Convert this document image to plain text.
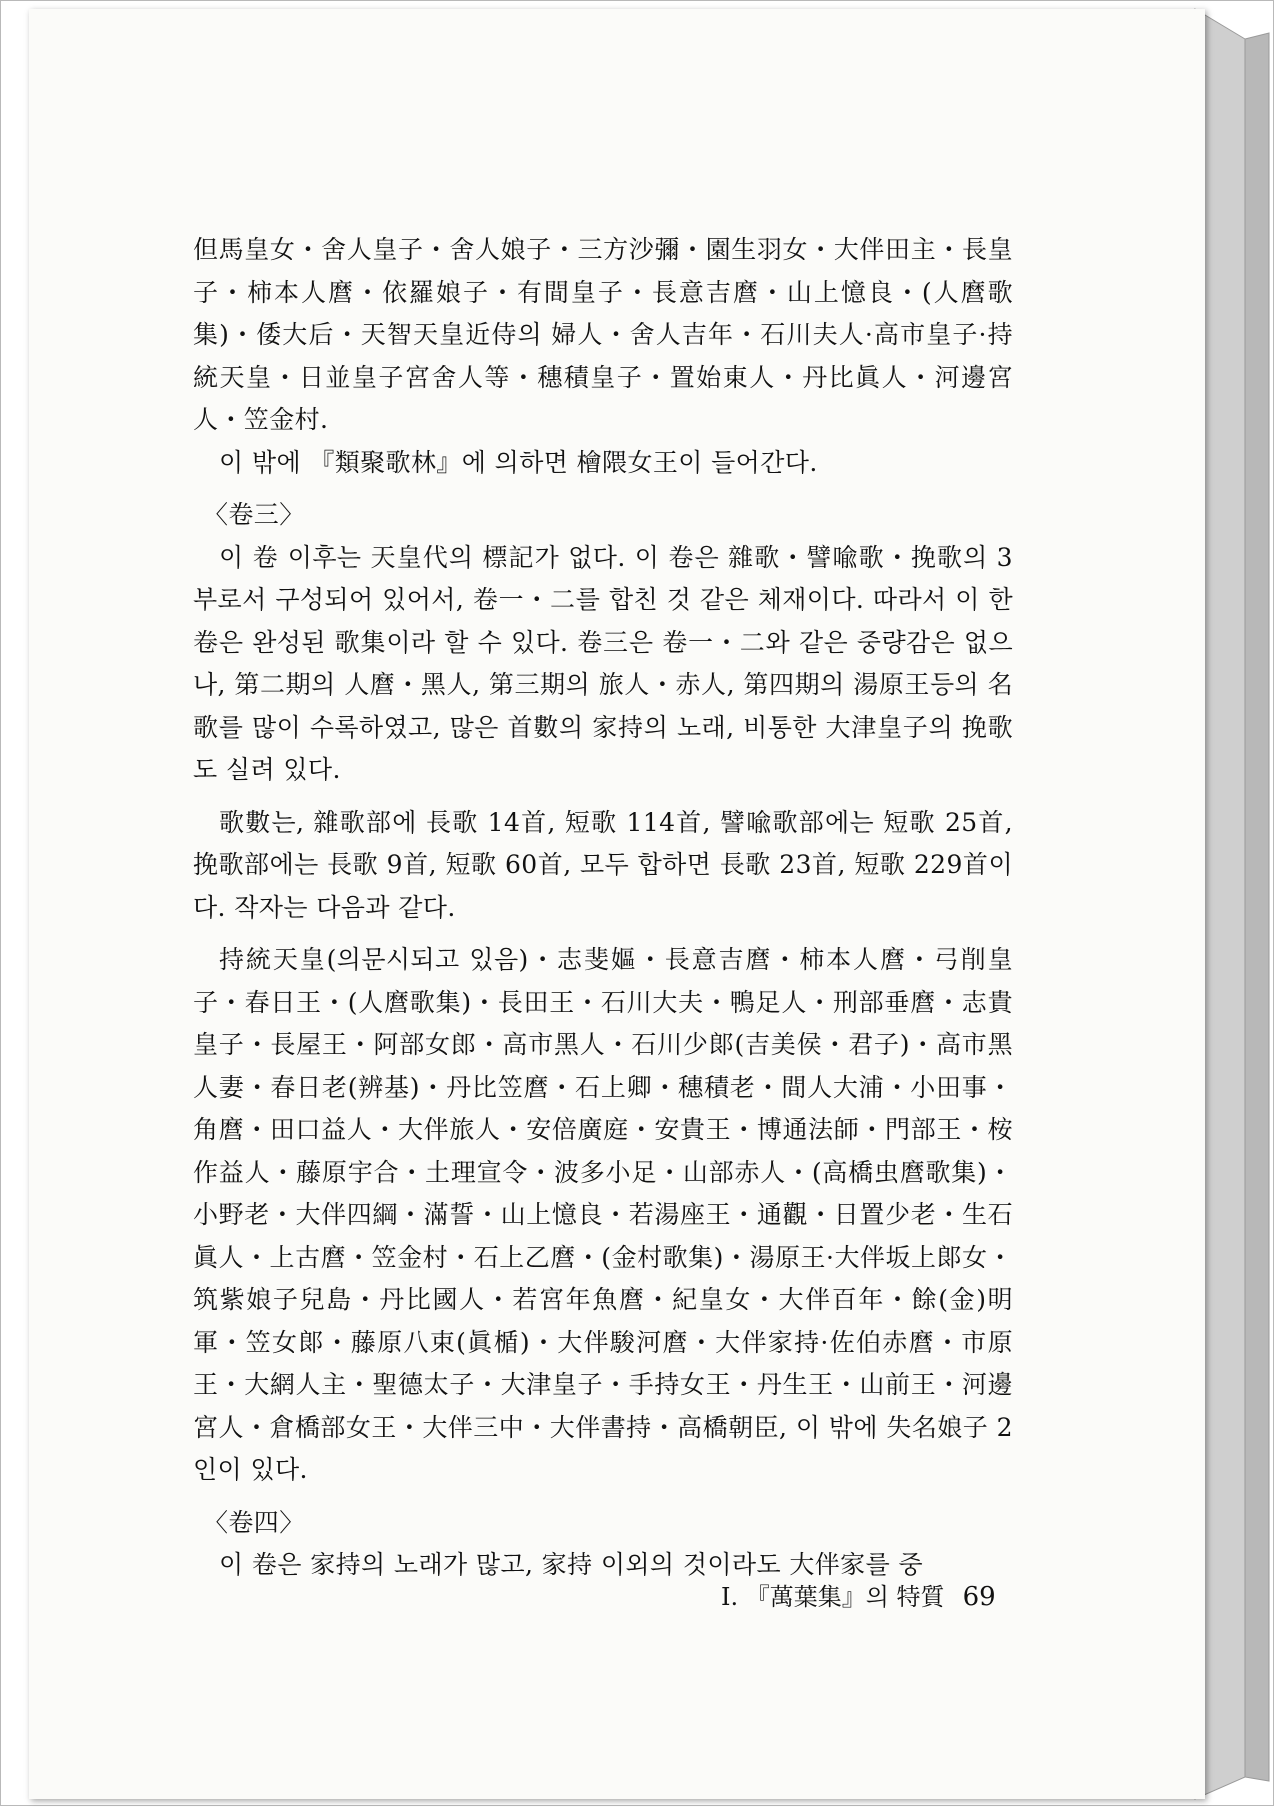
但馬皇女・舍人皇子・舍人娘子・三方沙彌・園生羽女・大伴田主・長皇子・柿本人麿・依羅娘子・有間皇子・長意吉麿・山上憶良・(人麿歌集)・倭大后・天智天皇近侍의 婦人・舍人吉年・石川夫人·高市皇子·持統天皇・日並皇子宮舍人等・穗積皇子・置始東人・丹比眞人・河邊宮人・笠金村.

이 밖에 『類聚歌林』에 의하면 檜隈女王이 들어간다.

〈卷三〉

이 卷 이후는 天皇代의 標記가 없다. 이 卷은 雜歌・譬喩歌・挽歌의 3부로서 구성되어 있어서, 卷一・二를 합친 것 같은 체재이다. 따라서 이 한 卷은 완성된 歌集이라 할 수 있다. 卷三은 卷一・二와 같은 중량감은 없으나, 第二期의 人麿・黑人, 第三期의 旅人・赤人, 第四期의 湯原王등의 名歌를 많이 수록하였고, 많은 首數의 家持의 노래, 비통한 大津皇子의 挽歌도 실려 있다.

歌數는, 雜歌部에 長歌 14首, 短歌 114首, 譬喩歌部에는 短歌 25首, 挽歌部에는 長歌 9首, 短歌 60首, 모두 합하면 長歌 23首, 短歌 229首이다. 작자는 다음과 같다.

持統天皇(의문시되고 있음)・志斐嫗・長意吉麿・柿本人麿・弓削皇子・春日王・(人麿歌集)・長田王・石川大夫・鴨足人・刑部垂麿・志貴皇子・長屋王・阿部女郎・高市黑人・石川少郞(吉美侯・君子)・高市黑人妻・春日老(辨基)・丹比笠麿・石上卿・穗積老・間人大浦・小田事・角麿・田口益人・大伴旅人・安倍廣庭・安貴王・博通法師・門部王・桉作益人・藤原宇合・土理宣令・波多小足・山部赤人・(高橋虫麿歌集)・小野老・大伴四綱・滿誓・山上憶良・若湯座王・通觀・日置少老・生石眞人・上古麿・笠金村・石上乙麿・(金村歌集)・湯原王·大伴坂上郞女・筑紫娘子兒島・丹比國人・若宮年魚麿・紀皇女・大伴百年・餘(金)明軍・笠女郞・藤原八束(眞楯)・大伴駿河麿・大伴家持·佐伯赤麿・市原王・大網人主・聖德太子・大津皇子・手持女王・丹生王・山前王・河邊宮人・倉橋部女王・大伴三中・大伴書持・高橋朝臣, 이 밖에 失名娘子 2인이 있다.

〈卷四〉

이 卷은 家持의 노래가 많고, 家持 이외의 것이라도 大伴家를 중

Ⅰ. 『萬葉集』의 特質 69
